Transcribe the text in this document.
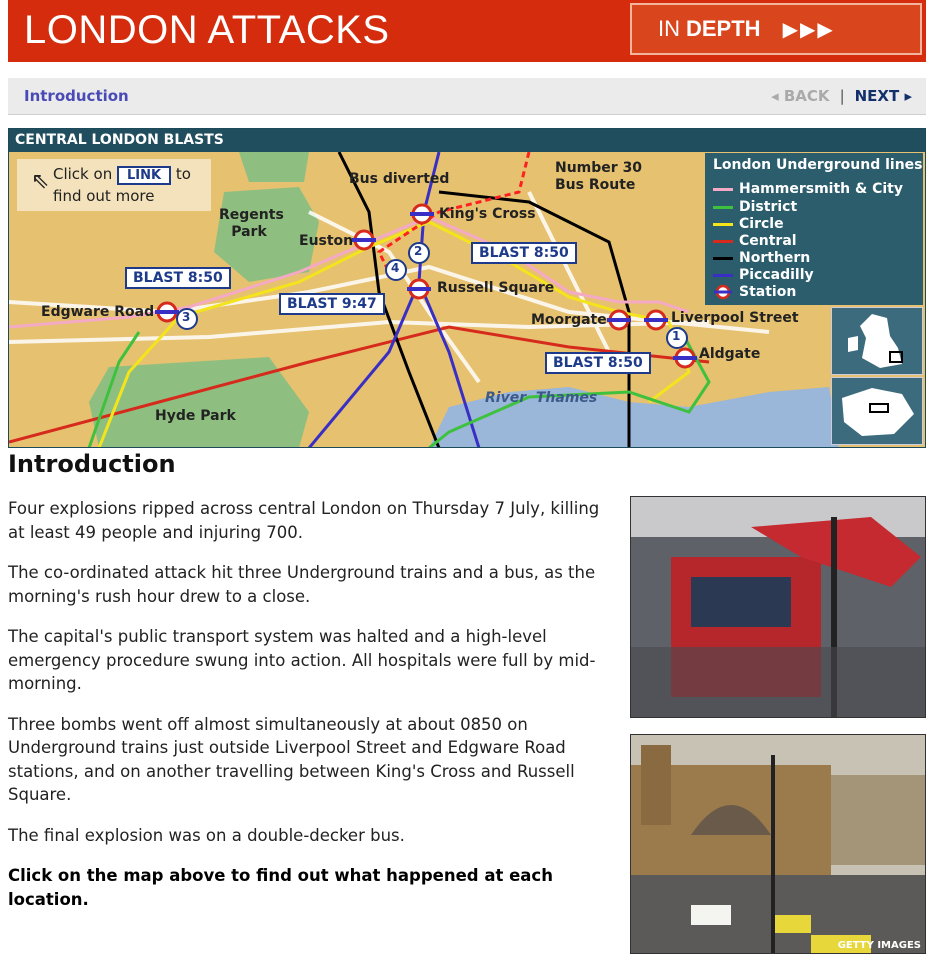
LONDON ATTACKS	IN DEPTH ▶▶▶
Introduction	◂ BACK | NEXT ▸
CENTRAL LONDON BLASTS
1
2
3
4
⇖ Click on LINK to
find out more
Regents
Park
Euston
Bus diverted
Number 30
Bus Route
King's Cross
Russell Square
Edgware Road	Moorgate	Liverpool Street
Aldgate
Hyde Park
River  Thames
BLAST 8:50
BLAST 8:50
BLAST 8:50
BLAST 9:47
London Underground lines
Hammersmith & City
District
Circle
Central
Northern
Piccadilly
Station
Introduction

Four explosions ripped across central London on Thursday 7 July, killing at least 49 people and injuring 700.

The co-ordinated attack hit three Underground trains and a bus, as the morning's rush hour drew to a close.

The capital's public transport system was halted and a high-level emergency procedure swung into action. All hospitals were full by mid-morning.

Three bombs went off almost simultaneously at about 0850 on Underground trains just outside Liverpool Street and Edgware Road stations, and on another travelling between King's Cross and Russell Square.

The final explosion was on a double-decker bus.

Click on the map above to find out what happened at each location.

GETTY IMAGES
